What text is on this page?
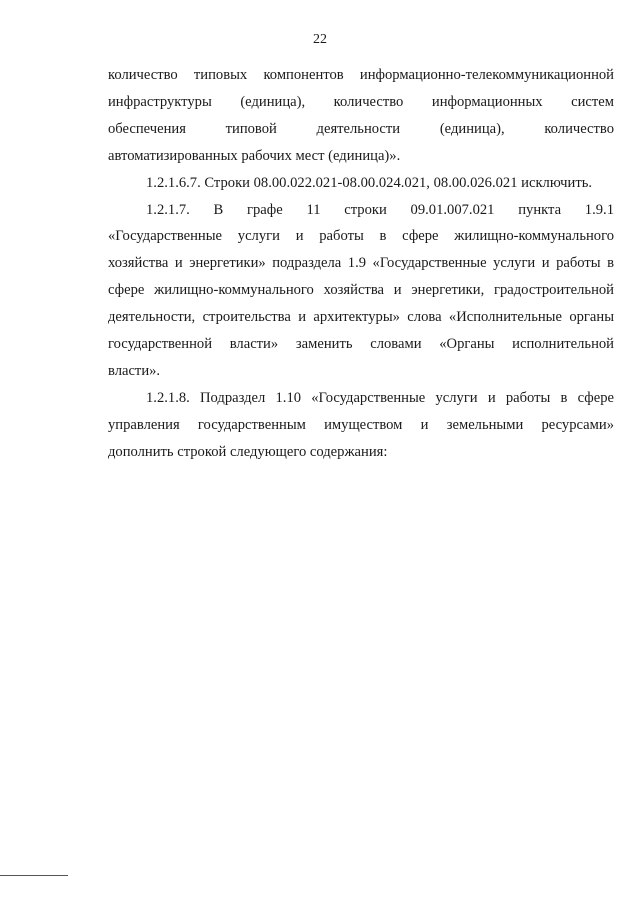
22

количество типовых компонентов информационно-телекоммуникационной
инфраструктуры (единица), количество информационных систем
обеспечения типовой деятельности (единица), количество
автоматизированных рабочих мест (единица)».

1.2.1.6.7. Строки 08.00.022.021-08.00.024.021, 08.00.026.021 исключить.

1.2.1.7. В графе 11 строки 09.01.007.021 пункта 1.9.1
«Государственные услуги и работы в сфере жилищно-коммунального
хозяйства и энергетики» подраздела 1.9 «Государственные услуги и работы в
сфере жилищно-коммунального хозяйства и энергетики, градостроительной
деятельности, строительства и архитектуры» слова «Исполнительные органы
государственной власти» заменить словами «Органы исполнительной
власти».

1.2.1.8. Подраздел 1.10 «Государственные услуги и работы в сфере
управления государственным имуществом и земельными ресурсами»
дополнить строкой следующего содержания:
